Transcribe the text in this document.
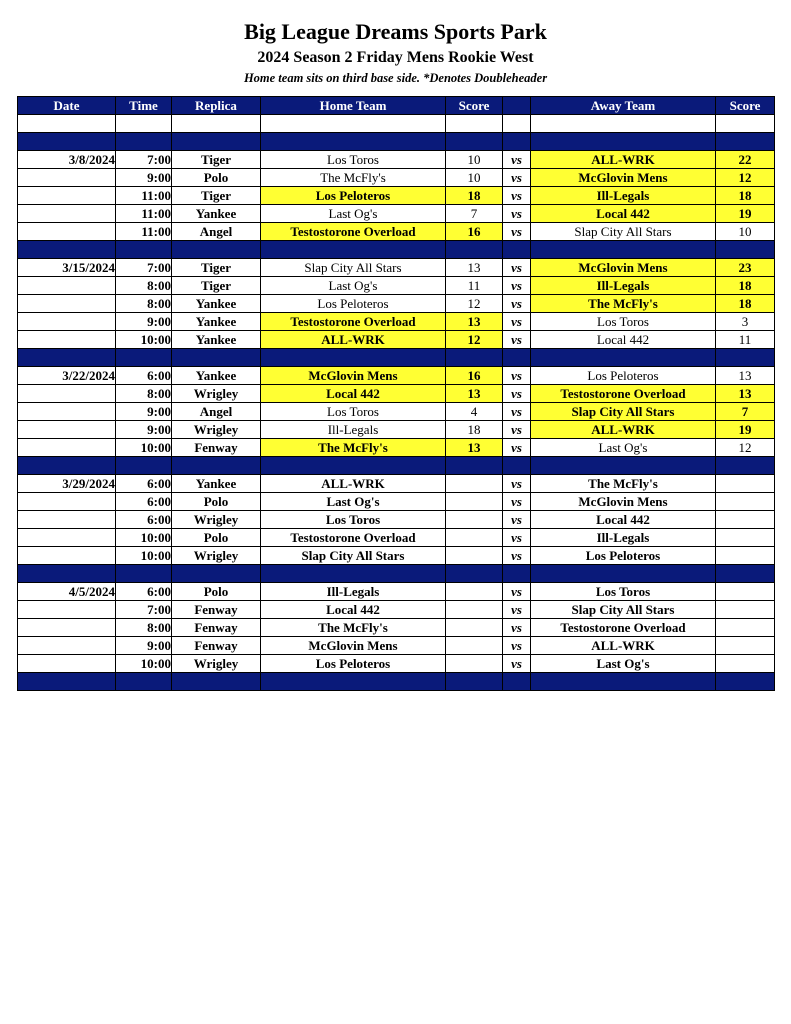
Big League Dreams Sports Park
2024 Season 2 Friday Mens Rookie West
Home team sits on third base side. *Denotes Doubleheader
Date	Time	Replica	Home Team	Score		Away Team	Score

3/8/2024	7:00	Tiger	Los Toros	10	vs	ALL-WRK	22
	9:00	Polo	The McFly's	10	vs	McGlovin Mens	12
	11:00	Tiger	Los Peloteros	18	vs	Ill-Legals	18
	11:00	Yankee	Last Og's	7	vs	Local 442	19
	11:00	Angel	Testostorone Overload	16	vs	Slap City All Stars	10

3/15/2024	7:00	Tiger	Slap City All Stars	13	vs	McGlovin Mens	23
	8:00	Tiger	Last Og's	11	vs	Ill-Legals	18
	8:00	Yankee	Los Peloteros	12	vs	The McFly's	18
	9:00	Yankee	Testostorone Overload	13	vs	Los Toros	3
	10:00	Yankee	ALL-WRK	12	vs	Local 442	11

3/22/2024	6:00	Yankee	McGlovin Mens	16	vs	Los Peloteros	13
	8:00	Wrigley	Local 442	13	vs	Testostorone Overload	13
	9:00	Angel	Los Toros	4	vs	Slap City All Stars	7
	9:00	Wrigley	Ill-Legals	18	vs	ALL-WRK	19
	10:00	Fenway	The McFly's	13	vs	Last Og's	12

3/29/2024	6:00	Yankee	ALL-WRK		vs	The McFly's	
	6:00	Polo	Last Og's		vs	McGlovin Mens	
	6:00	Wrigley	Los Toros		vs	Local 442	
	10:00	Polo	Testostorone Overload		vs	Ill-Legals	
	10:00	Wrigley	Slap City All Stars		vs	Los Peloteros	

4/5/2024	6:00	Polo	Ill-Legals		vs	Los Toros	
	7:00	Fenway	Local 442		vs	Slap City All Stars	
	8:00	Fenway	The McFly's		vs	Testostorone Overload	
	9:00	Fenway	McGlovin Mens		vs	ALL-WRK	
	10:00	Wrigley	Los Peloteros		vs	Last Og's	
